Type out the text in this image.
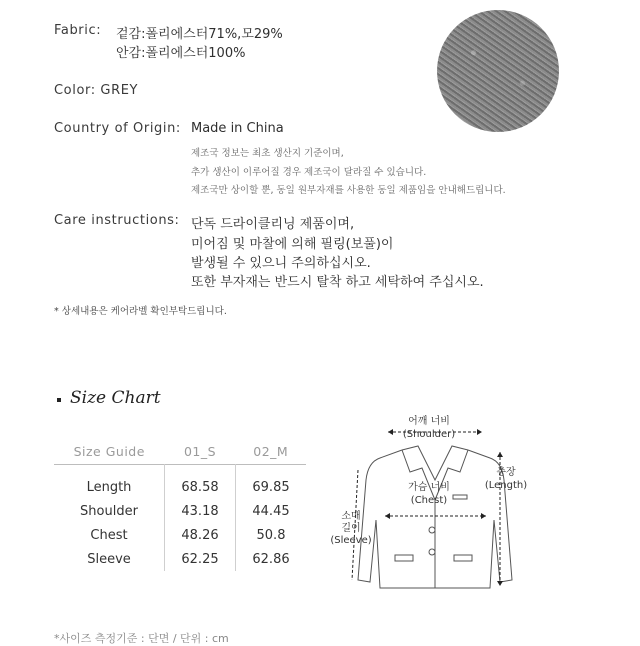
Fabric: 겉감:폴리에스터71%,모29%
안감:폴리에스터100%
Color: GREY
Country of Origin: Made in China
제조국 정보는 최초 생산지 기준이며,
추가 생산이 이루어질 경우 제조국이 달라질 수 있습니다.
제조국만 상이할 뿐, 동일 원부자재를 사용한 동일 제품임을 안내해드립니다.
Care instructions: 단독 드라이클리닝 제품이며,
미어짐 및 마찰에 의해 필링(보풀)이
발생될 수 있으니 주의하십시오.
또한 부자재는 반드시 탈착 하고 세탁하여 주십시오.
* 상세내용은 케어라벨 확인부탁드립니다.
Size Chart
Size Guide	01_S	02_M
Length	68.58	69.85
Shoulder	43.18	44.45
Chest	48.26	50.8
Sleeve	62.25	62.86
어깨 너비
(Shoulder)
가슴 너비
(Chest)
총장
(Length)
소매
길이
(Sleeve)
*사이즈 측정기준 : 단면 / 단위 : cm
